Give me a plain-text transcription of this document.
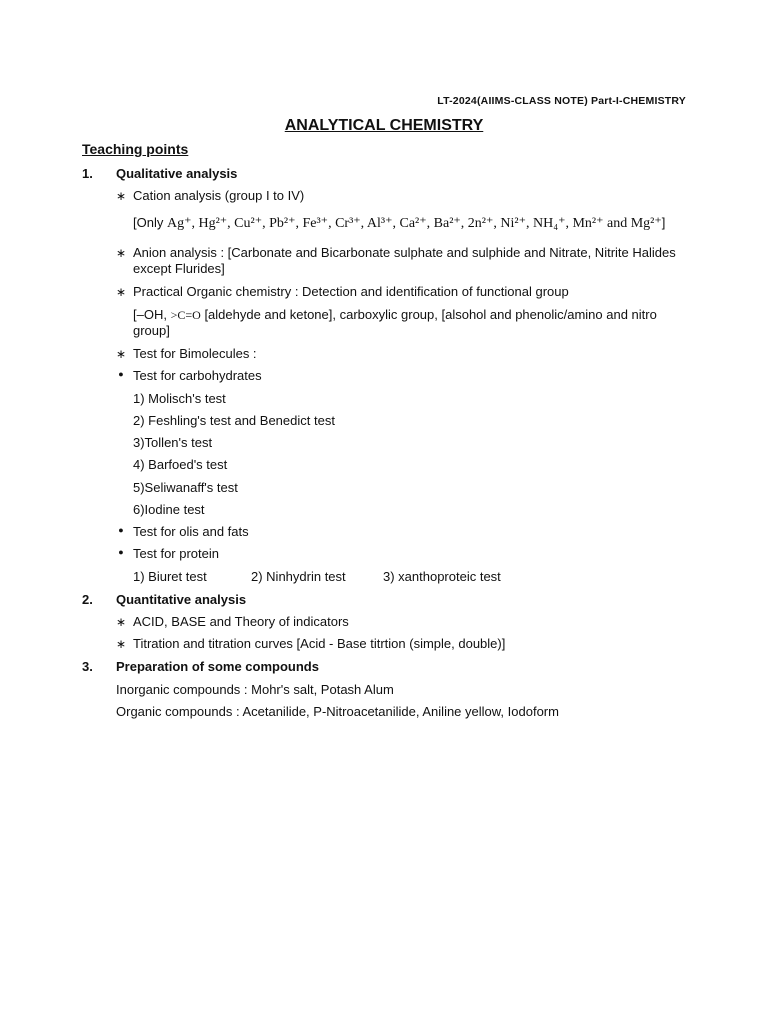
LT-2024(AIIMS-CLASS NOTE) Part-I-CHEMISTRY
ANALYTICAL CHEMISTRY
Teaching points
1. Qualitative analysis
∗ Cation analysis (group I to IV)
[Only Ag⁺, Hg²⁺, Cu²⁺, Pb²⁺, Fe³⁺, Cr³⁺, Al³⁺, Ca²⁺, Ba²⁺, 2n²⁺, Ni²⁺, NH₄⁺, Mn²⁺ and Mg²⁺]
∗ Anion analysis : [Carbonate and Bicarbonate sulphate and sulphide and Nitrate, Nitrite Halides except Flurides]
∗ Practical Organic chemistry : Detection and identification of functional group
[–OH, >C=O [aldehyde and ketone], carboxylic group, [alsohol and phenolic/amino and nitro group]
∗ Test for Bimolecules :
● Test for carbohydrates
1) Molisch's test
2) Feshling's test and Benedict test
3)Tollen's test
4) Barfoed's test
5)Seliwanaff's test
6)Iodine test
● Test for olis and fats
● Test for protein
1) Biuret test	2) Ninhydrin test	3) xanthoproteic test
2. Quantitative analysis
∗ ACID, BASE and Theory of indicators
∗ Titration and titration curves [Acid - Base titrtion (simple, double)]
3. Preparation of some compounds
Inorganic compounds : Mohr's salt, Potash Alum
Organic compounds : Acetanilide, P-Nitroacetanilide, Aniline yellow, Iodoform
